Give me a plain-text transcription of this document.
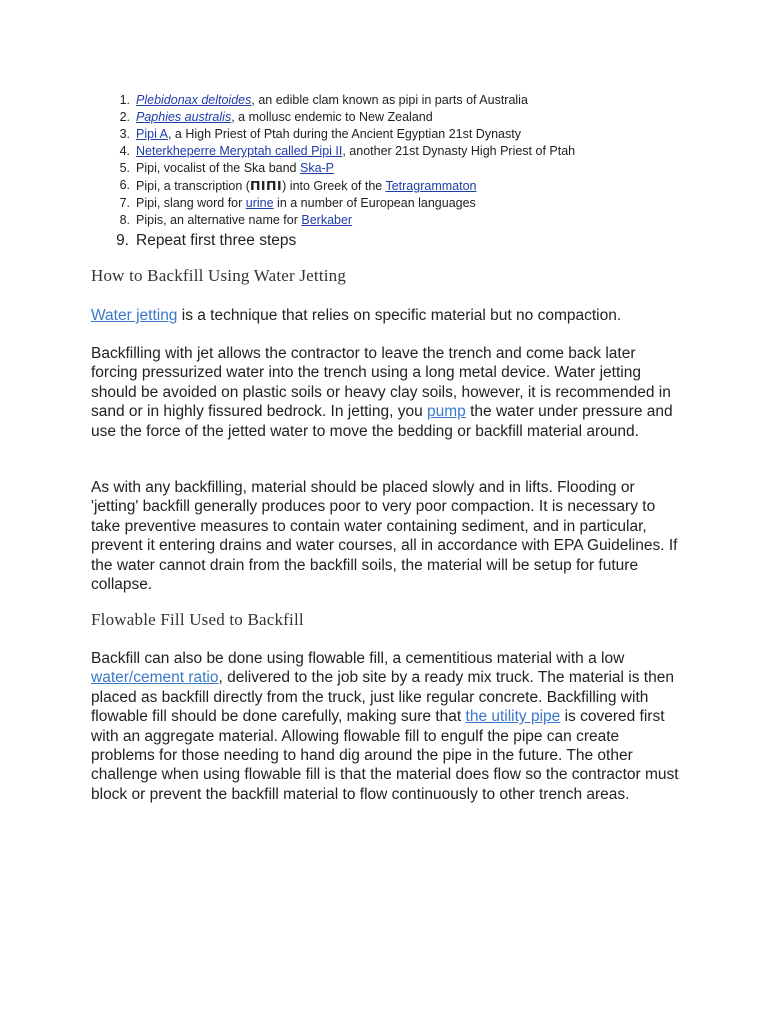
1. Plebidonax deltoides, an edible clam known as pipi in parts of Australia
2. Paphies australis, a mollusc endemic to New Zealand
3. Pipi A, a High Priest of Ptah during the Ancient Egyptian 21st Dynasty
4. Neterkheperre Meryptah called Pipi II, another 21st Dynasty High Priest of Ptah
5. Pipi, vocalist of the Ska band Ska-P
6. Pipi, a transcription (ΠΙΠΙ) into Greek of the Tetragrammaton
7. Pipi, slang word for urine in a number of European languages
8. Pipis, an alternative name for Berkaber
9. Repeat first three steps
How to Backfill Using Water Jetting

Water jetting is a technique that relies on specific material but no compaction.

Backfilling with jet allows the contractor to leave the trench and come back later forcing pressurized water into the trench using a long metal device. Water jetting should be avoided on plastic soils or heavy clay soils, however, it is recommended in sand or in highly fissured bedrock. In jetting, you pump the water under pressure and use the force of the jetted water to move the bedding or backfill material around.

As with any backfilling, material should be placed slowly and in lifts. Flooding or 'jetting' backfill generally produces poor to very poor compaction. It is necessary to take preventive measures to contain water containing sediment, and in particular, prevent it entering drains and water courses, all in accordance with EPA Guidelines. If the water cannot drain from the backfill soils, the material will be setup for future collapse.

Flowable Fill Used to Backfill

Backfill can also be done using flowable fill, a cementitious material with a low water/cement ratio, delivered to the job site by a ready mix truck. The material is then placed as backfill directly from the truck, just like regular concrete. Backfilling with flowable fill should be done carefully, making sure that the utility pipe is covered first with an aggregate material. Allowing flowable fill to engulf the pipe can create problems for those needing to hand dig around the pipe in the future. The other challenge when using flowable fill is that the material does flow so the contractor must block or prevent the backfill material to flow continuously to other trench areas.
